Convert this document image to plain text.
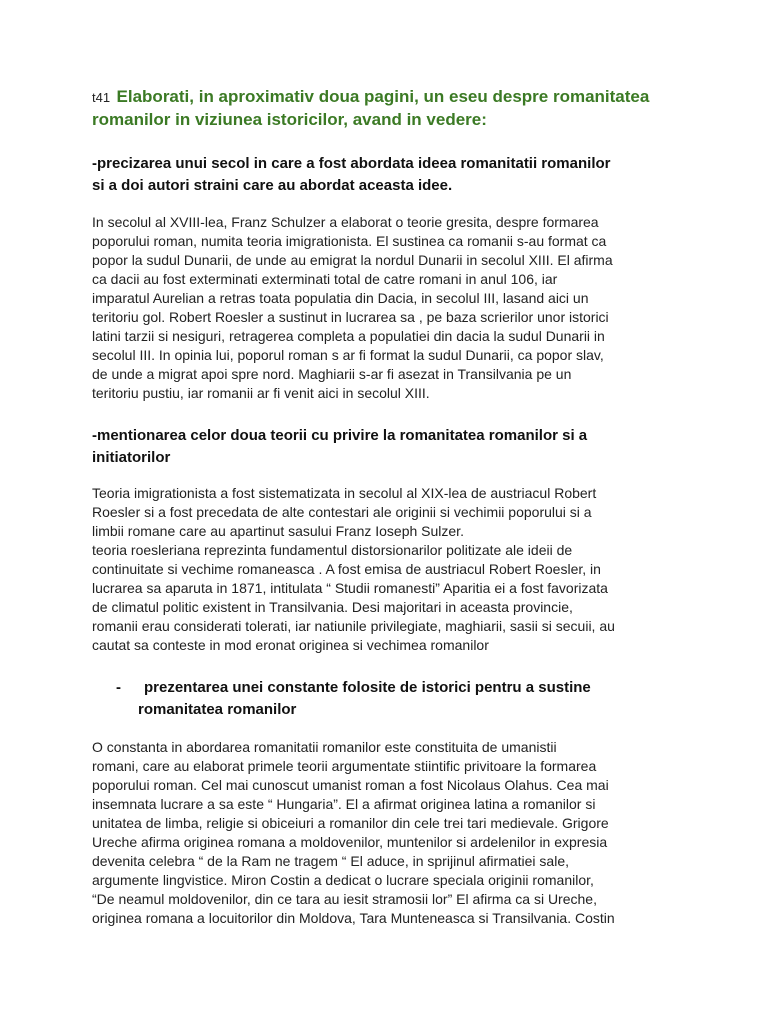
t41 Elaborati, in aproximativ doua pagini, un eseu despre romanitatea romanilor in viziunea istoricilor, avand in vedere:
-precizarea unui secol in care a fost abordata ideea romanitatii romanilor
si a doi autori straini care au abordat aceasta idee.
In secolul al XVIII-lea, Franz Schulzer a elaborat o teorie gresita, despre formarea
poporului roman, numita teoria imigrationista. El sustinea ca romanii s-au format ca
popor la sudul Dunarii, de unde au emigrat la nordul Dunarii in secolul XIII. El afirma
ca dacii au fost exterminati exterminati total de catre romani in anul 106, iar
imparatul Aurelian a retras toata populatia din Dacia, in secolul III, lasand aici un
teritoriu gol. Robert Roesler a sustinut in lucrarea sa , pe baza scrierilor unor istorici
latini tarzii si nesiguri, retragerea completa a populatiei din dacia la sudul Dunarii in
secolul III. In opinia lui, poporul roman s ar fi format la sudul Dunarii, ca popor slav,
de unde a migrat apoi spre nord. Maghiarii s-ar fi asezat in Transilvania pe un
teritoriu pustiu, iar romanii ar fi venit aici in secolul XIII.
-mentionarea celor doua teorii cu privire la romanitatea romanilor si a
initiatorilor
Teoria imigrationista a fost sistematizata in secolul al XIX-lea de austriacul Robert
Roesler si a fost precedata de alte contestari ale originii si vechimii poporului si a
limbii romane care au apartinut sasului Franz Ioseph Sulzer.
teoria roesleriana reprezinta fundamentul distorsionarilor politizate ale ideii de
continuitate si vechime romaneasca . A fost emisa de austriacul Robert Roesler, in
lucrarea sa aparuta in 1871, intitulata “ Studii romanesti” Aparitia ei a fost favorizata
de climatul politic existent in Transilvania. Desi majoritari in aceasta provincie,
romanii erau considerati tolerati, iar natiunile privilegiate, maghiarii, sasii si secuii, au
cautat sa conteste in mod eronat originea si vechimea romanilor
- prezentarea unei constante folosite de istorici pentru a sustine
romanitatea romanilor
O constanta in abordarea romanitatii romanilor este constituita de umanistii
romani, care au elaborat primele teorii argumentate stiintific privitoare la formarea
poporului roman. Cel mai cunoscut umanist roman a fost Nicolaus Olahus. Cea mai
insemnata lucrare a sa este “ Hungaria”. El a afirmat originea latina a romanilor si
unitatea de limba, religie si obiceiuri a romanilor din cele trei tari medievale. Grigore
Ureche afirma originea romana a moldovenilor, muntenilor si ardelenilor in expresia
devenita celebra “ de la Ram ne tragem “ El aduce, in sprijinul afirmatiei sale,
argumente lingvistice. Miron Costin a dedicat o lucrare speciala originii romanilor,
“De neamul moldovenilor, din ce tara au iesit stramosii lor” El afirma ca si Ureche,
originea romana a locuitorilor din Moldova, Tara Munteneasca si Transilvania. Costin
